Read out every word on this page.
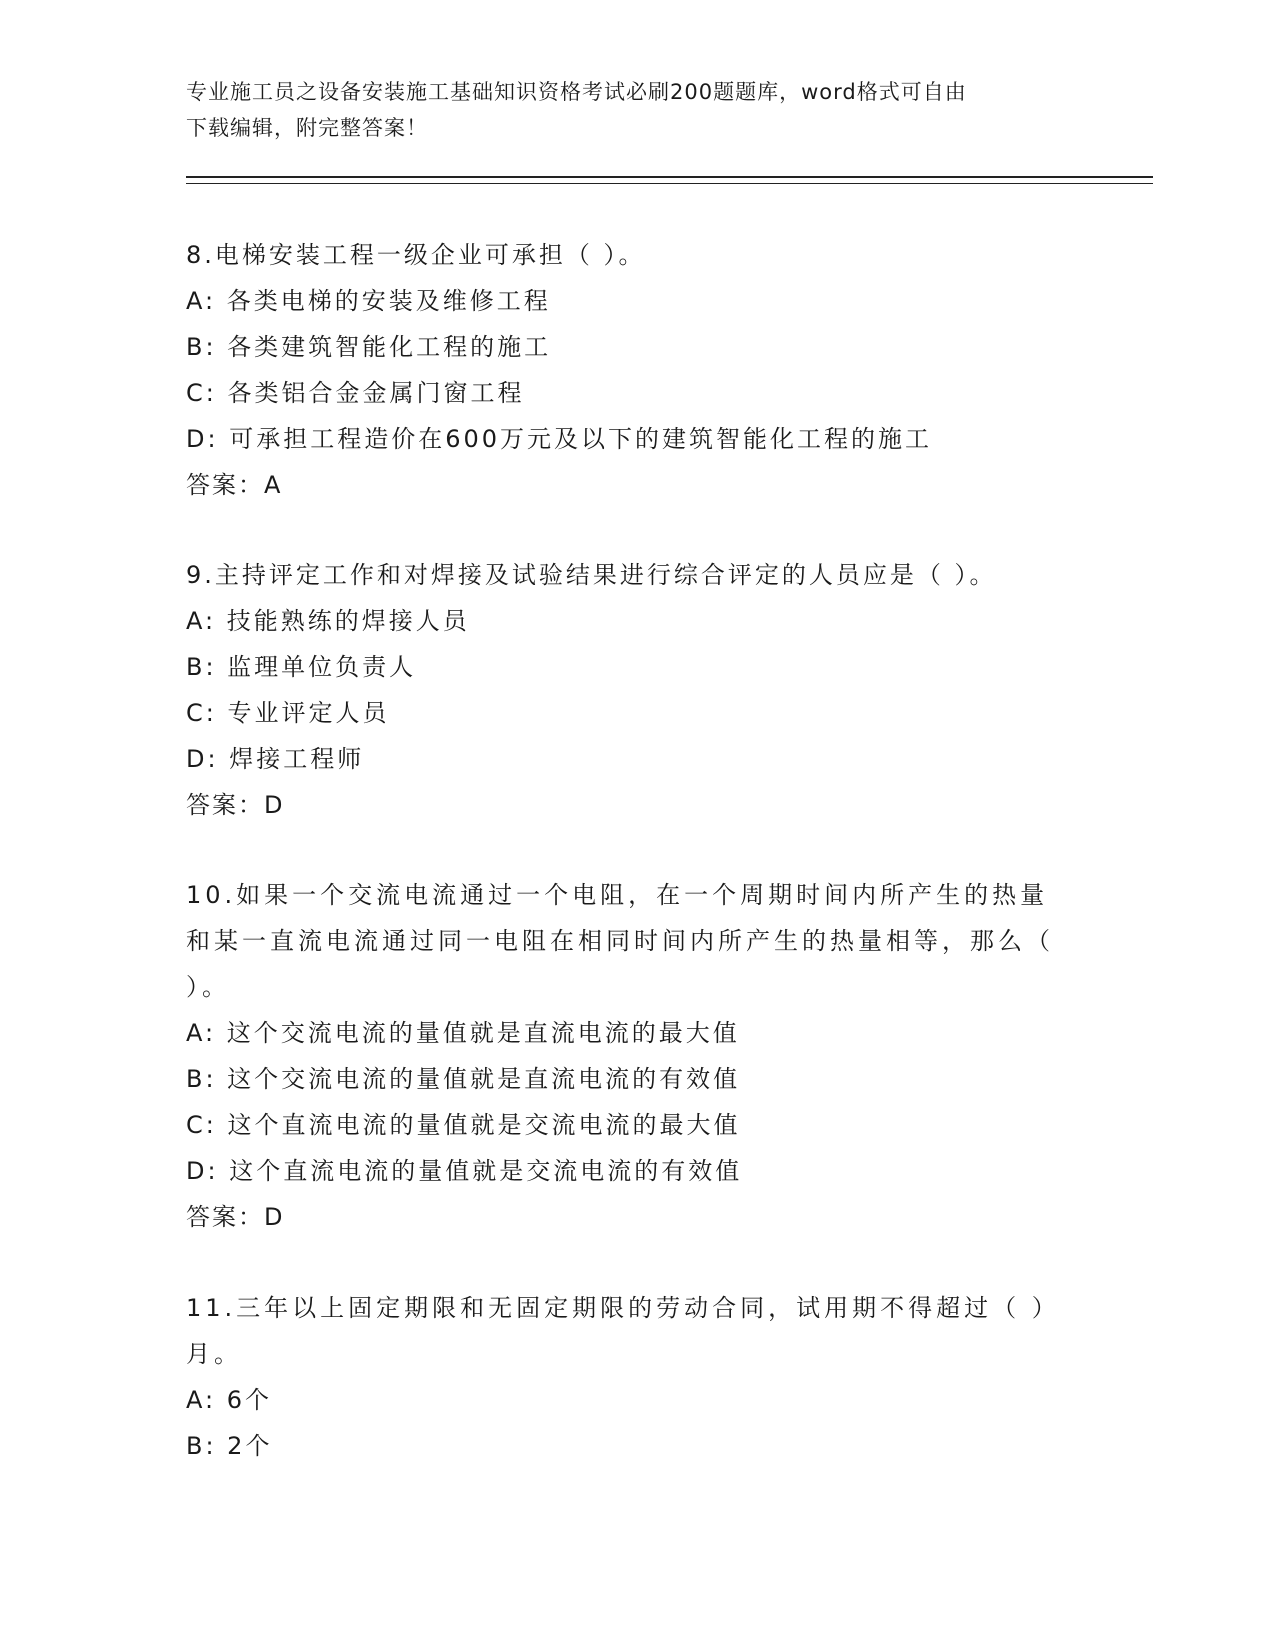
专业施工员之设备安装施工基础知识资格考试必刷200题题库，word格式可自由
下载编辑，附完整答案！
8.电梯安装工程一级企业可承担（ ）。
A: 各类电梯的安装及维修工程
B: 各类建筑智能化工程的施工
C: 各类铝合金金属门窗工程
D: 可承担工程造价在600万元及以下的建筑智能化工程的施工
答案：A
9.主持评定工作和对焊接及试验结果进行综合评定的人员应是（ ）。
A: 技能熟练的焊接人员
B: 监理单位负责人
C: 专业评定人员
D: 焊接工程师
答案：D
10.如果一个交流电流通过一个电阻，在一个周期时间内所产生的热量和某一直流电流通过同一电阻在相同时间内所产生的热量相等，那么（ ）。
A: 这个交流电流的量值就是直流电流的最大值
B: 这个交流电流的量值就是直流电流的有效值
C: 这个直流电流的量值就是交流电流的最大值
D: 这个直流电流的量值就是交流电流的有效值
答案：D
11.三年以上固定期限和无固定期限的劳动合同，试用期不得超过（ ）月。
A: 6个
B: 2个
